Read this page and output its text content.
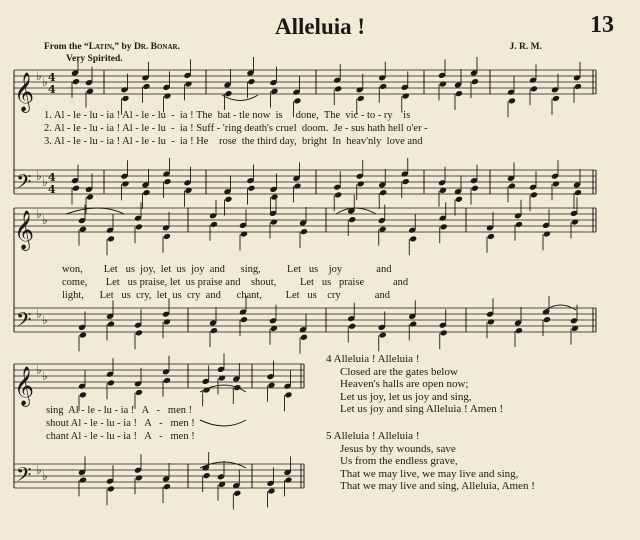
Alleluia !	13
From the “Latin,” by Dr. Bonar.	J. R. M.
Very Spirited.
𝄞
𝄢
𝄞
𝄢
𝄞
𝄢
♭ ♭
♭ ♭
♭ ♭
♭ ♭
♭ ♭
♭ ♭
4
4
4
4
1. Al - le - lu - ia ! Al - le - lu  -  ia ! The  bat - tle now  is     done,  The  vic - to - ry    is
2. Al - le - lu - ia ! Al - le - lu  -  ia ! Suff - 'ring death's cruel  doom.  Je - sus hath hell o'er -
3. Al - le - lu - ia ! Al - le - lu  -  ia ! He    rose  the third day,  bright  In  heav'nly  love and
won,        Let   us  joy,  let  us  joy  and      sing,          Let   us    joy             and
come,       Let   us praise, let  us praise and    shout,         Let   us   praise           and
light,      Let   us  cry,  let  us  cry  and      chant,         Let   us    cry             and
sing  Al - le - lu - ia !   A   -   men !
shout Al - le - lu - ia !   A   -   men !
chant Al - le - lu - ia !   A   -   men !
4 Alleluia ! Alleluia !
Closed are the gates below
Heaven's halls are open now;
Let us joy, let us joy and sing,
Let us joy and sing Alleluia ! Amen !
5 Alleluia ! Alleluia !
Jesus by thy wounds, save
Us from the endless grave,
That we may live, we may live and sing,
That we may live and sing, Alleluia, Amen !
